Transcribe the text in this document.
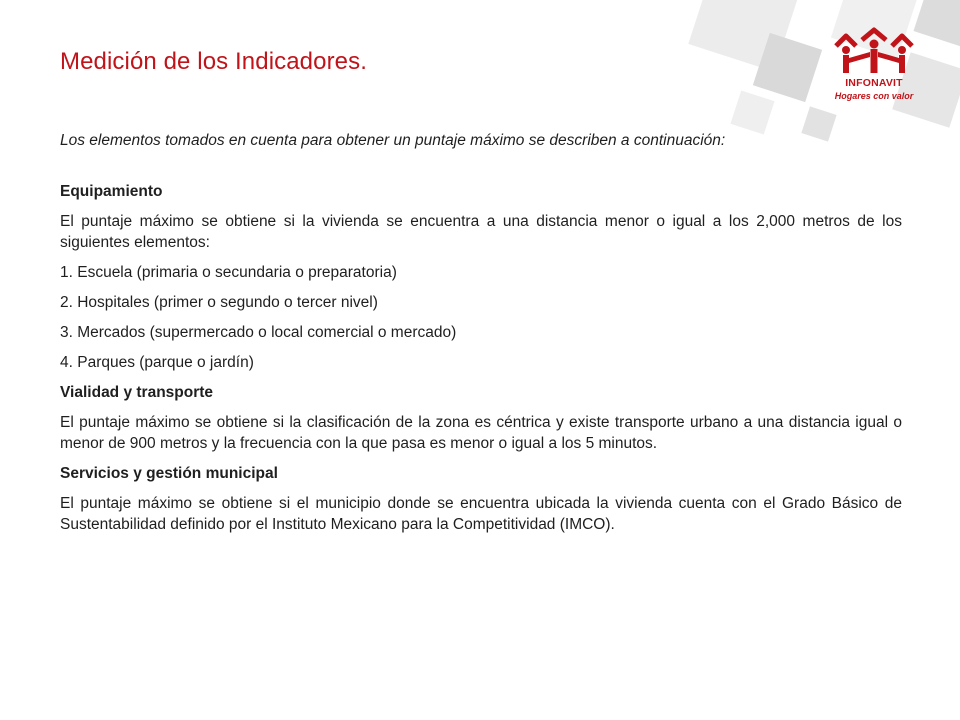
Medición de los Indicadores.
INFONAVIT
Hogares con valor

Los elementos tomados en cuenta para obtener un puntaje máximo se describen a continuación:

Equipamiento

El puntaje máximo se obtiene si la vivienda se encuentra a una distancia menor o igual a los 2,000 metros de los siguientes elementos:

1. Escuela (primaria o secundaria o preparatoria)

2. Hospitales (primer o segundo o tercer nivel)

3. Mercados (supermercado o local comercial o mercado)

4. Parques (parque o jardín)

Vialidad y transporte

El puntaje máximo se obtiene si la clasificación de la zona es céntrica y existe transporte urbano a una distancia igual o menor de 900 metros y la frecuencia con la que pasa es menor o igual a los 5 minutos.

Servicios y gestión municipal

El puntaje máximo se obtiene si el municipio donde se encuentra ubicada la vivienda cuenta con el Grado Básico de Sustentabilidad definido por el Instituto Mexicano para la Competitividad (IMCO).
